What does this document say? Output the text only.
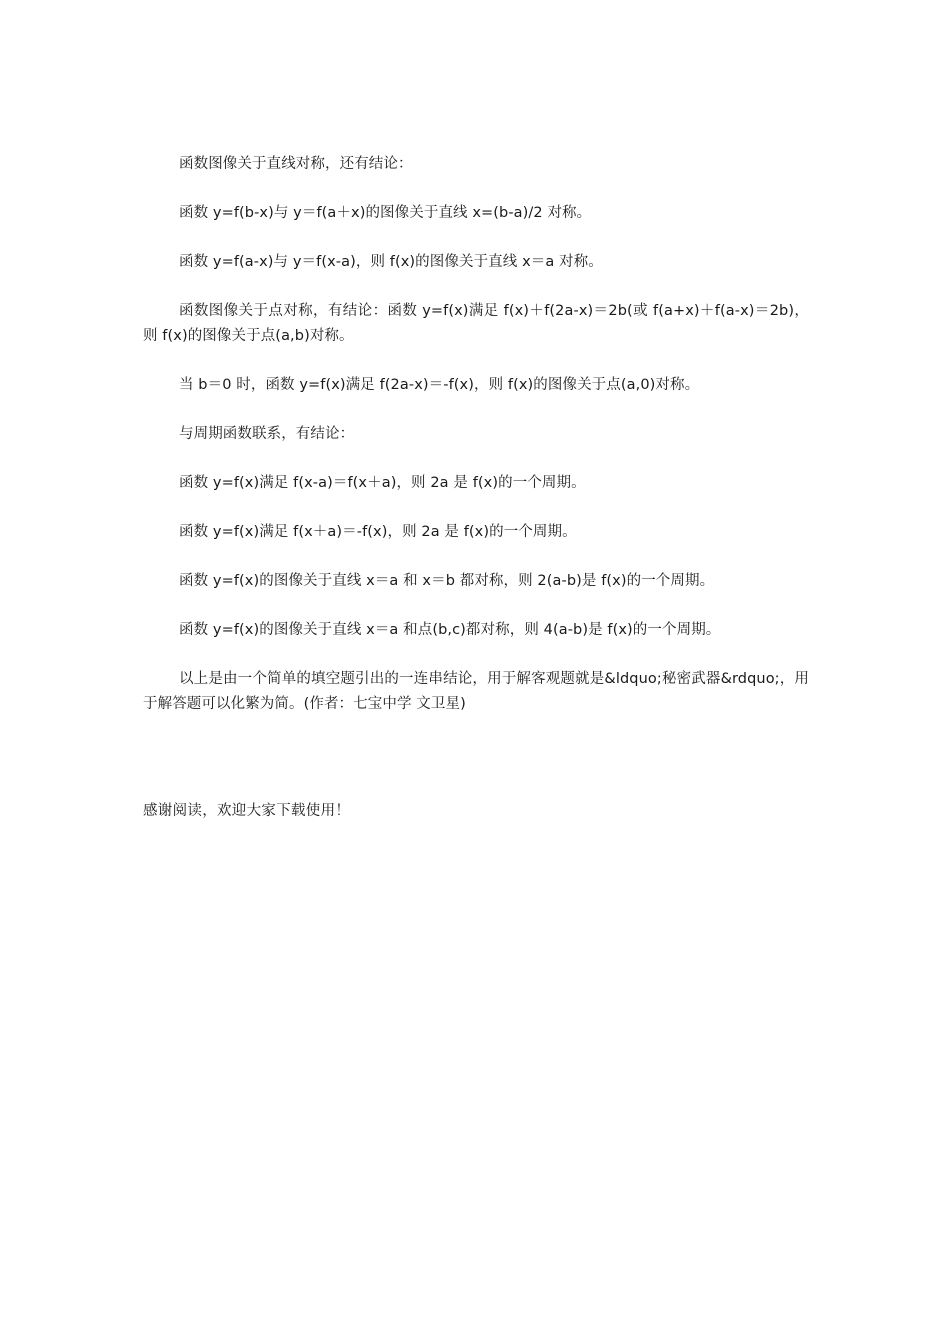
函数图像关于直线对称，还有结论：

函数 y=f(b-x)与 y＝f(a＋x)的图像关于直线 x=(b-a)/2 对称。

函数 y=f(a-x)与 y＝f(x-a)，则 f(x)的图像关于直线 x＝a 对称。

函数图像关于点对称，有结论：函数 y=f(x)满足 f(x)＋f(2a-x)＝2b(或 f(a+x)＋f(a-x)＝2b)，则 f(x)的图像关于点(a,b)对称。

当 b＝0 时，函数 y=f(x)满足 f(2a-x)＝-f(x)，则 f(x)的图像关于点(a,0)对称。

与周期函数联系，有结论：

函数 y=f(x)满足 f(x-a)＝f(x＋a)，则 2a 是 f(x)的一个周期。

函数 y=f(x)满足 f(x＋a)＝-f(x)，则 2a 是 f(x)的一个周期。

函数 y=f(x)的图像关于直线 x＝a 和 x＝b 都对称，则 2(a-b)是 f(x)的一个周期。

函数 y=f(x)的图像关于直线 x＝a 和点(b,c)都对称，则 4(a-b)是 f(x)的一个周期。

以上是由一个简单的填空题引出的一连串结论，用于解客观题就是&ldquo;秘密武器&rdquo;，用于解答题可以化繁为简。(作者：七宝中学 文卫星)

感谢阅读，欢迎大家下载使用！
